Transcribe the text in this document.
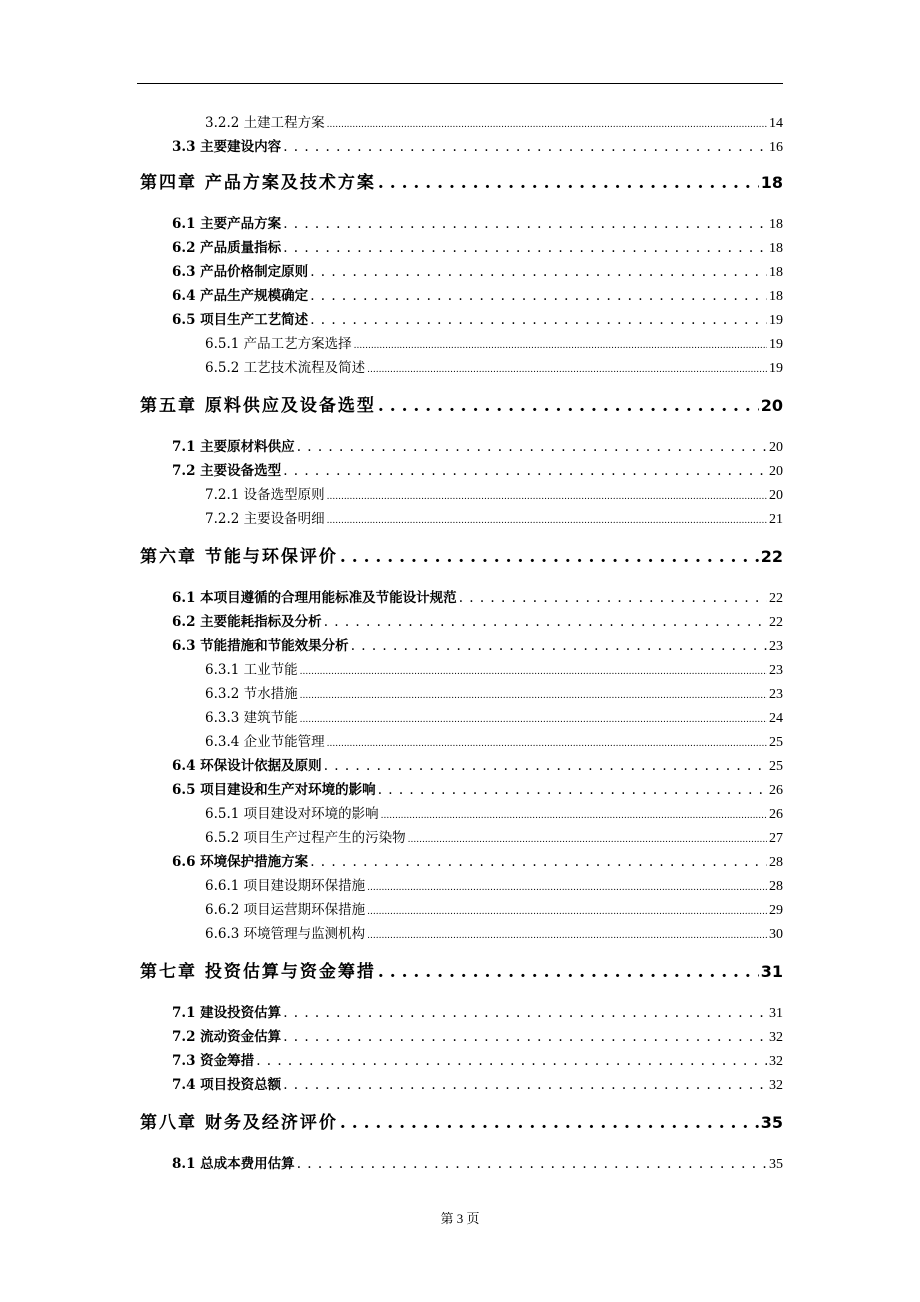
3.2.2 土建工程方案 .....	14
3.3 主要建设内容 . . .	16
第四章 产品方案及技术方案 . . .	18
6.1 主要产品方案 . . .	18
6.2 产品质量指标 . . .	18
6.3 产品价格制定原则 . . .	18
6.4 产品生产规模确定 . . .	18
6.5 项目生产工艺简述 . . .	19
6.5.1 产品工艺方案选择 .....	19
6.5.2 工艺技术流程及简述 .....	19
第五章 原料供应及设备选型 . . .	20
7.1 主要原材料供应 . . .	20
7.2 主要设备选型 . . .	20
7.2.1 设备选型原则 .....	20
7.2.2 主要设备明细 .....	21
第六章 节能与环保评价 . . .	22
6.1 本项目遵循的合理用能标准及节能设计规范 . . .	22
6.2 主要能耗指标及分析 . . .	22
6.3 节能措施和节能效果分析 . . .	23
6.3.1 工业节能 .....	23
6.3.2 节水措施 .....	23
6.3.3 建筑节能 .....	24
6.3.4 企业节能管理 .....	25
6.4 环保设计依据及原则 . . .	25
6.5 项目建设和生产对环境的影响 . . .	26
6.5.1 项目建设对环境的影响 .....	26
6.5.2 项目生产过程产生的污染物 .....	27
6.6 环境保护措施方案 . . .	28
6.6.1 项目建设期环保措施 .....	28
6.6.2 项目运营期环保措施 .....	29
6.6.3 环境管理与监测机构 .....	30
第七章 投资估算与资金筹措 . . .	31
7.1 建设投资估算 . . .	31
7.2 流动资金估算 . . .	32
7.3 资金筹措 . . .	32
7.4 项目投资总额 . . .	32
第八章 财务及经济评价 . . .	35
8.1 总成本费用估算 . . .	35
第 3 页
